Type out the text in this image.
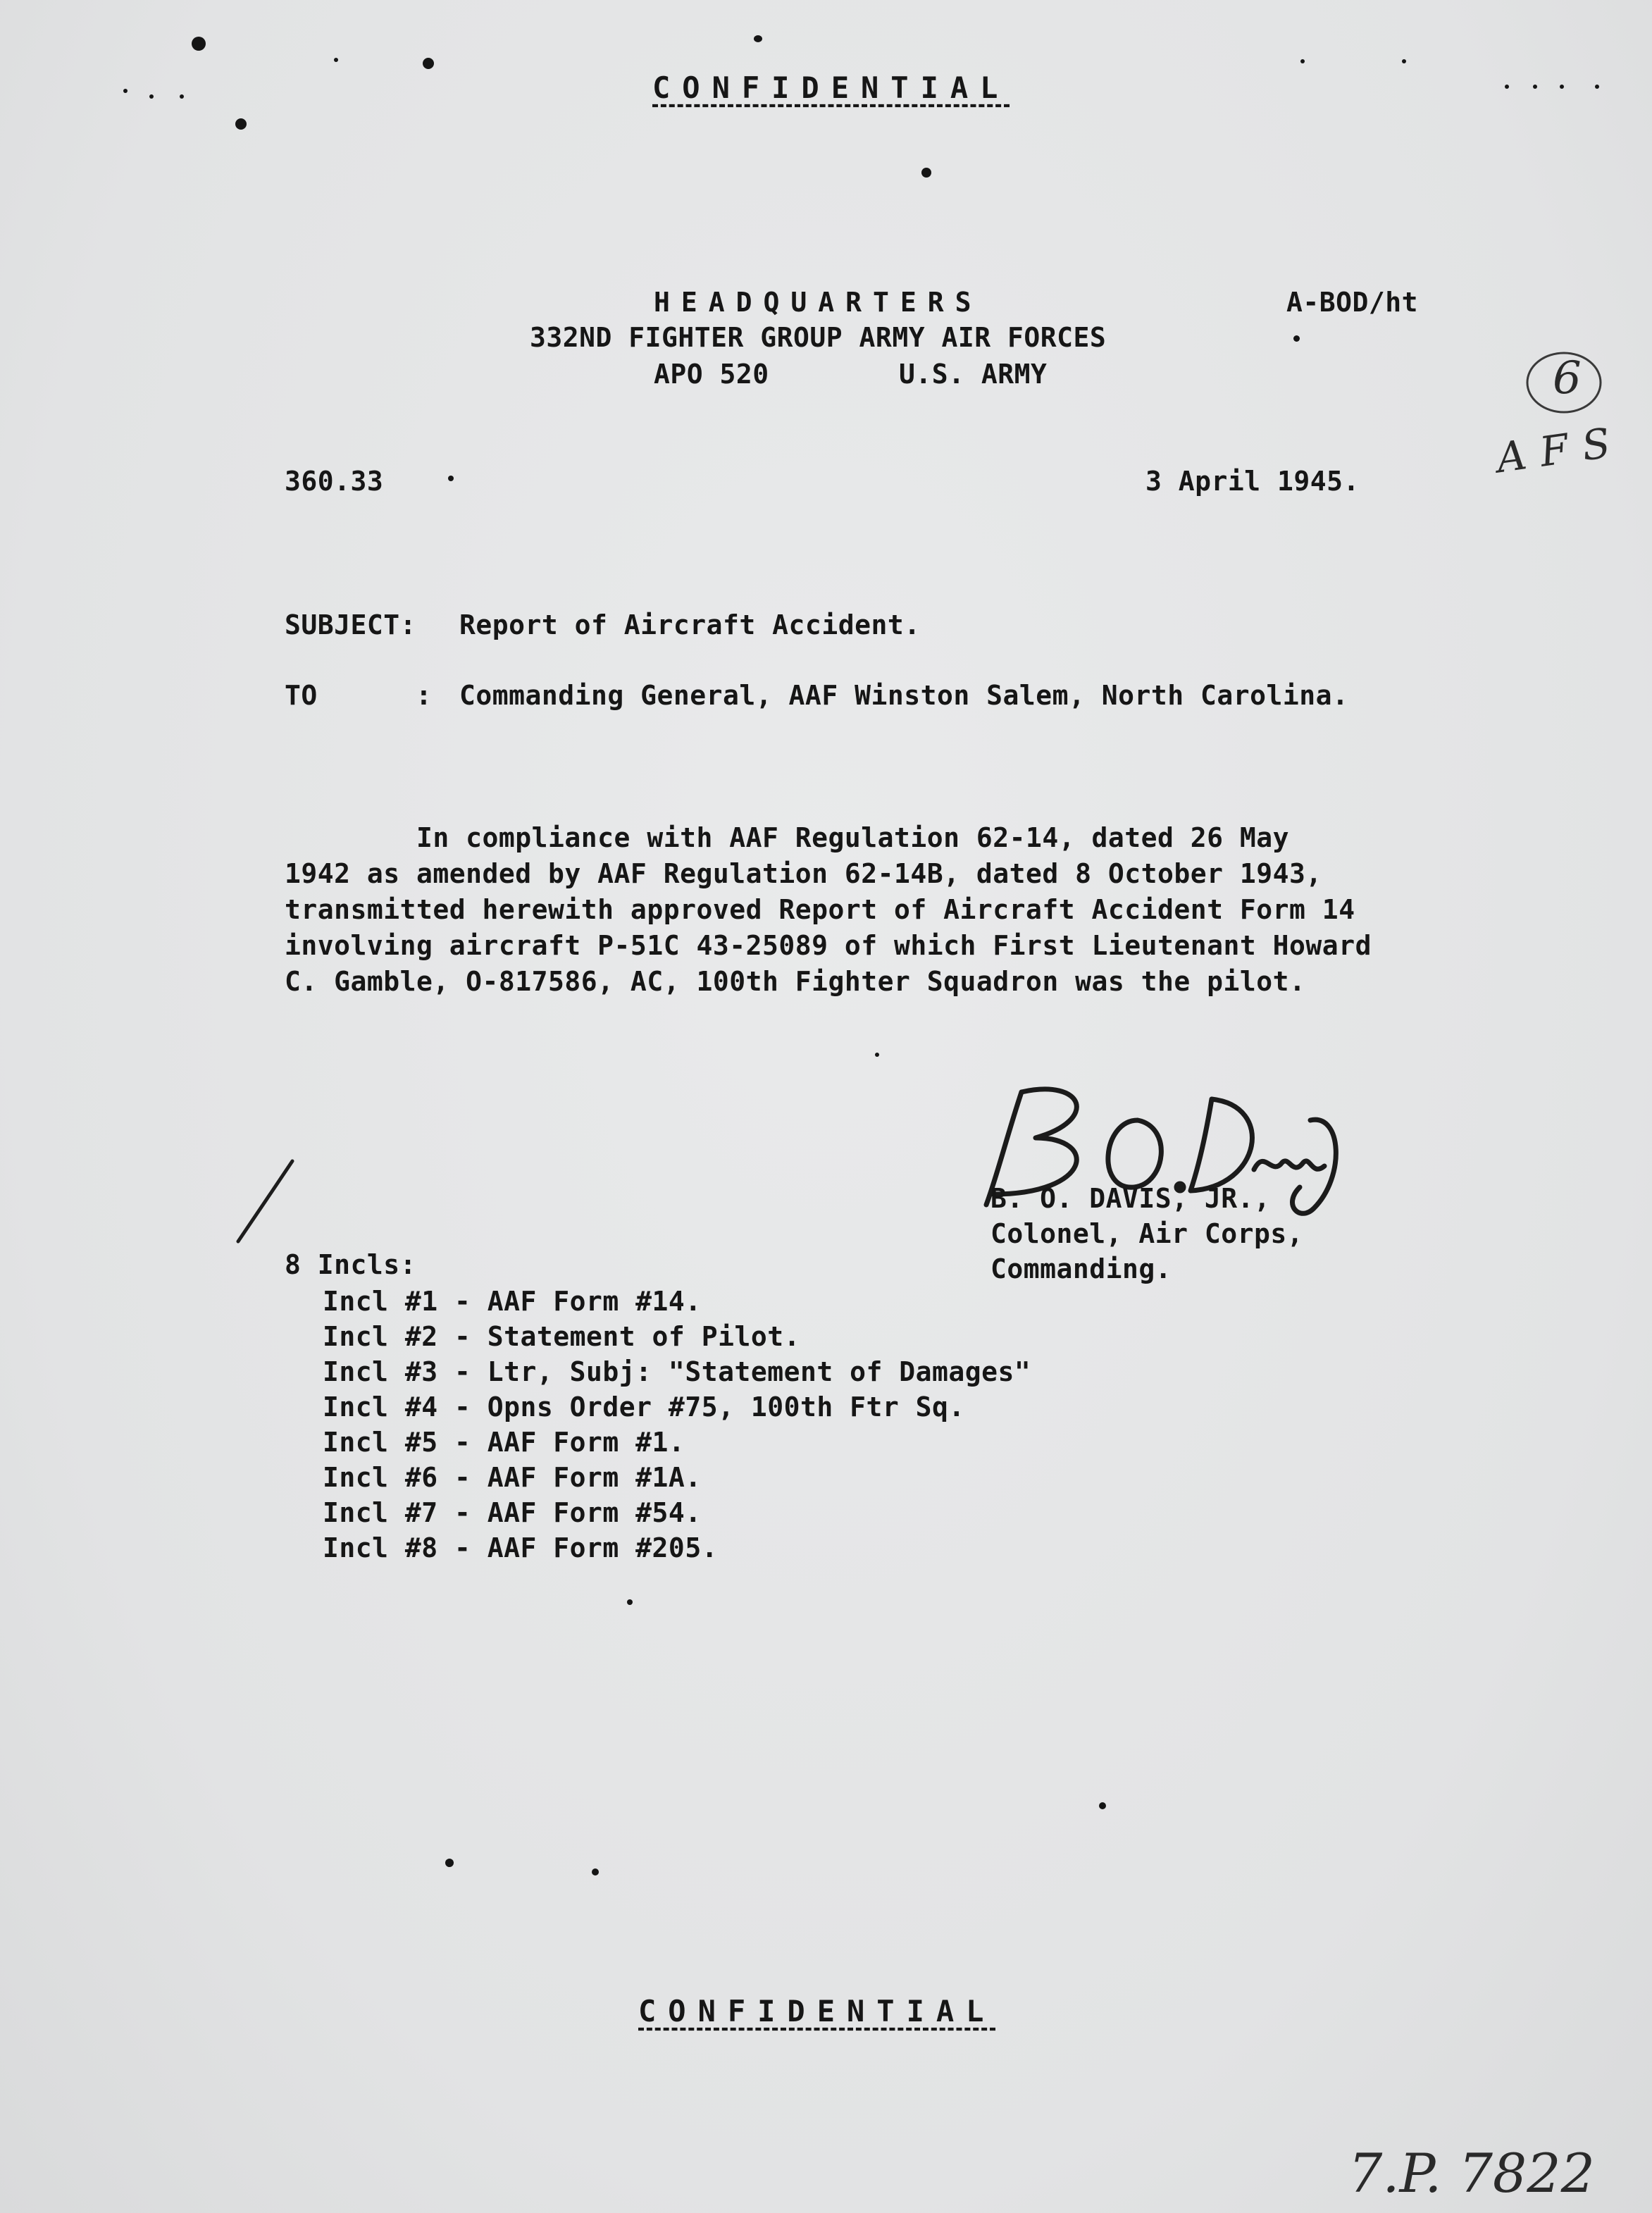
CONFIDENTIAL
HEADQUARTERS
332ND FIGHTER GROUP ARMY AIR FORCES
APO 520	U.S. ARMY
A-BOD/ht
360.33	3 April 1945.
SUBJECT: Report of Aircraft Accident.
TO	: Commanding General, AAF Winston Salem, North Carolina.
In compliance with AAF Regulation 62-14, dated 26 May
1942 as amended by AAF Regulation 62-14B, dated 8 October 1943,
transmitted herewith approved Report of Aircraft Accident Form 14
involving aircraft P-51C 43-25089 of which First Lieutenant Howard
C. Gamble, O-817586, AC, 100th Fighter Squadron was the pilot.
B. O. DAVIS, JR.,
Colonel, Air Corps,
Commanding.
8 Incls:
Incl #1 - AAF Form #14.
Incl #2 - Statement of Pilot.
Incl #3 - Ltr, Subj: "Statement of Damages"
Incl #4 - Opns Order #75, 100th Ftr Sq.
Incl #5 - AAF Form #1.
Incl #6 - AAF Form #1A.
Incl #7 - AAF Form #54.
Incl #8 - AAF Form #205.
CONFIDENTIAL
6
AFS
7.P. 7822
